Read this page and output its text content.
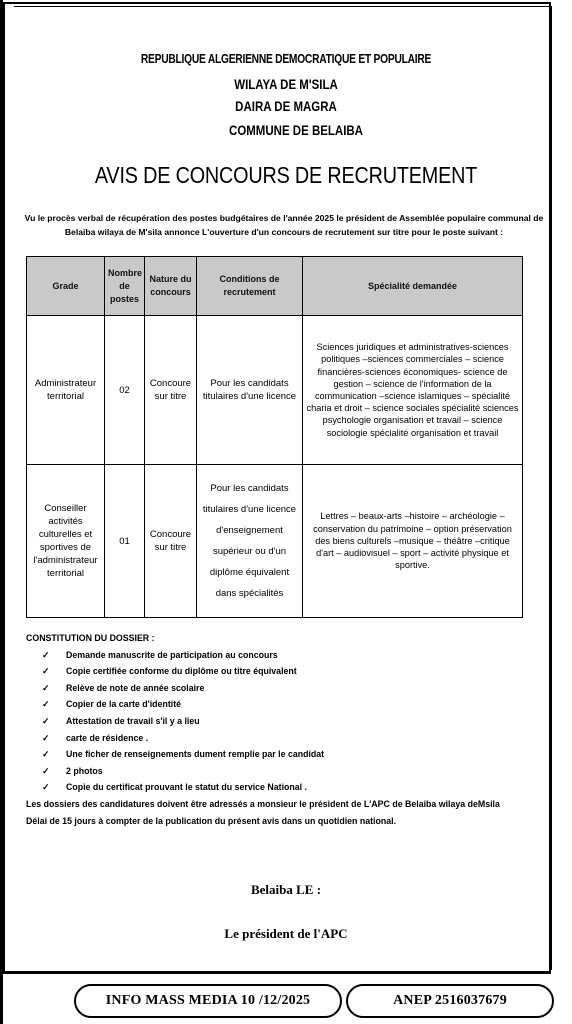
REPUBLIQUE ALGERIENNE DEMOCRATIQUE ET POPULAIRE
WILAYA DE M'SILA
DAIRA DE MAGRA
COMMUNE DE BELAIBA
AVIS DE CONCOURS DE RECRUTEMENT
Vu le procès verbal de récupération des postes budgétaires de l'année 2025 le président de Assemblée populaire communal de Belaiba wilaya de M'sila annonce L'ouverture d'un concours de recrutement sur titre pour le poste suivant :
Grade	Nombre de postes	Nature du concours	Conditions de recrutement	Spécialité demandée
Administrateur territorial	02	Concoure sur titre	Pour les candidats titulaires d'une licence	Sciences juridiques et administratives-sciences politiques –sciences commerciales – science financières-sciences économiques- science de gestion – science de l'information de la communication –science islamiques – spécialité charia et droit – science sociales spécialité sciences psychologie organisation et travail – science sociologie spécialité organisation et travail
Conseiller activités culturelles et sportives de l'administrateur territorial	01	Concoure sur titre	Pour les candidats titulaires d'une licence d'enseignement supérieur ou d'un diplôme équivalent dans spécialités	Lettres – beaux-arts –histoire – archéologie – conservation du patrimoine – option préservation des biens culturels –musique – théâtre –critique d'art – audiovisuel – sport – activité physique et sportive.
CONSTITUTION DU DOSSIER :
✓ Demande manuscrite de participation au concours
✓ Copie certifiée conforme du diplôme ou titre équivalent
✓ Relève de note de année scolaire
✓ Copier de la carte d'identité
✓ Attestation de travail s'il y a lieu
✓ carte de résidence .
✓ Une ficher de renseignements dument remplie par le candidat
✓ 2 photos
✓ Copie du certificat prouvant le statut du service National .
Les dossiers des candidatures doivent être adressés a monsieur le président de L'APC de Belaiba wilaya deMsila
Délai de 15 jours à compter de la publication du présent avis dans un quotidien national.
Belaiba LE :
Le président de l'APC
INFO MASS MEDIA 10 /12/2025	ANEP 2516037679
